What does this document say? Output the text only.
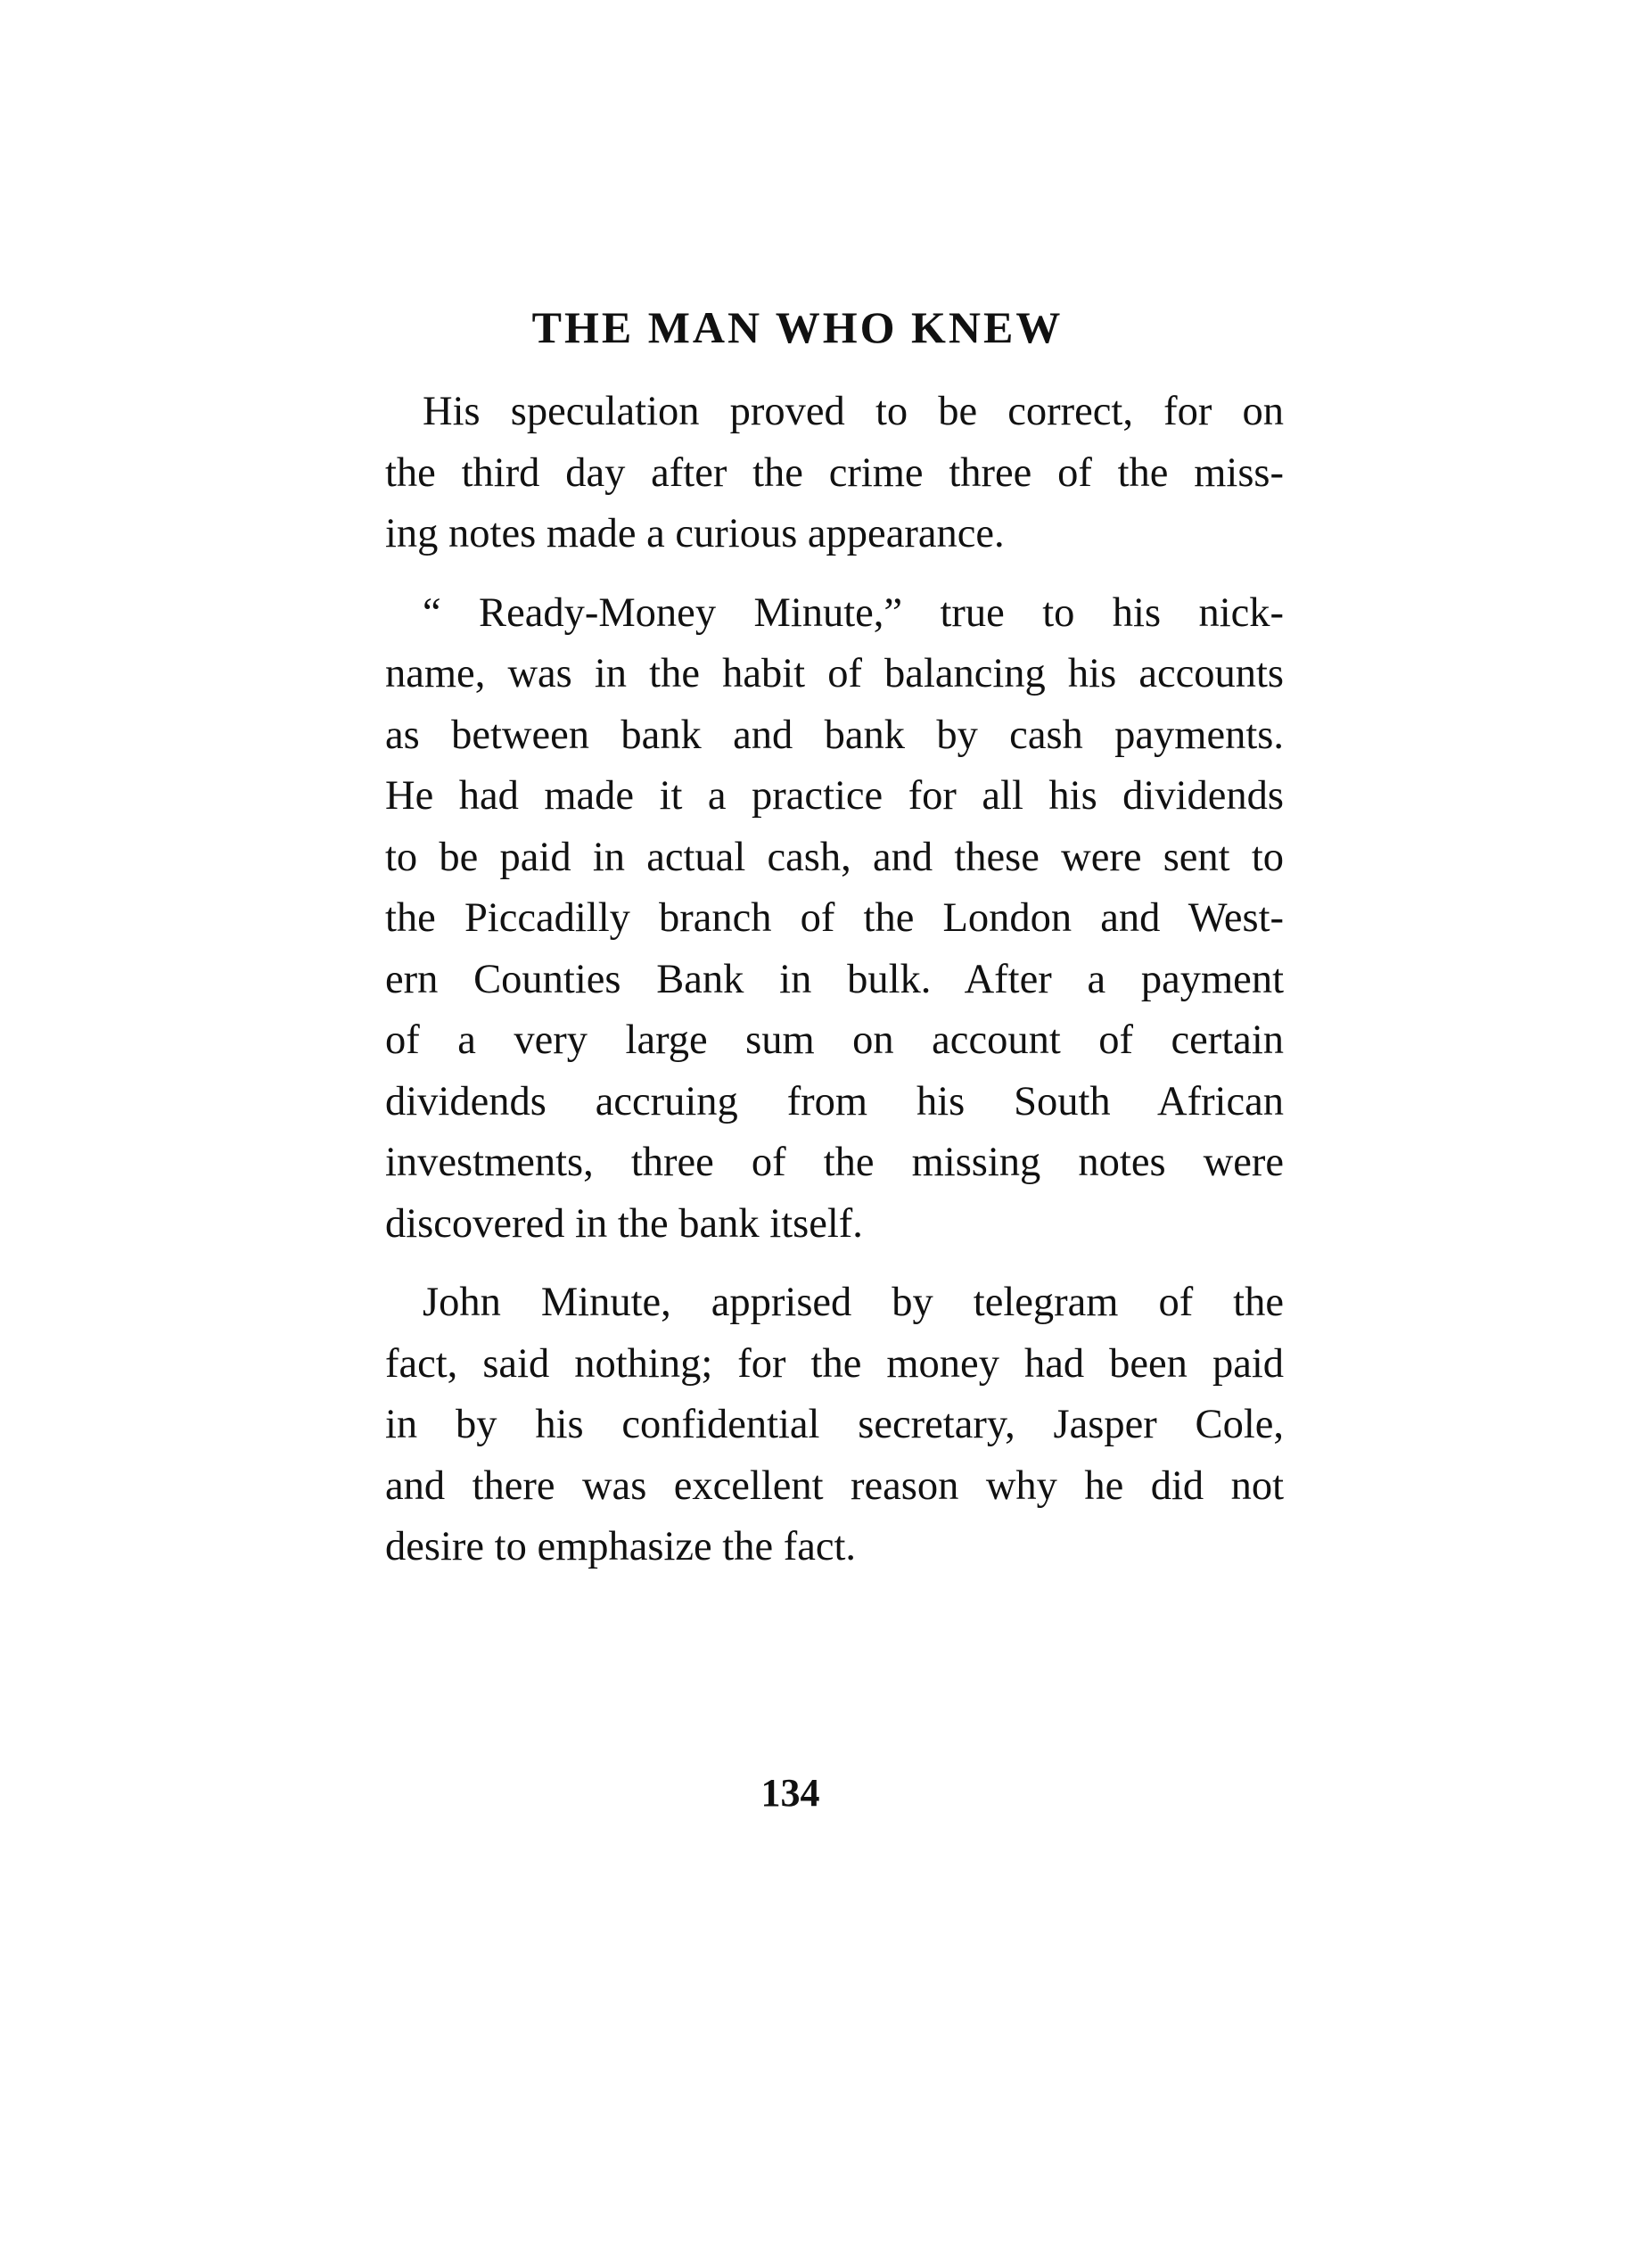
THE MAN WHO KNEW

His speculation proved to be correct, for on
the third day after the crime three of the miss-
ing notes made a curious appearance.

“ Ready-Money Minute,” true to his nick-
name, was in the habit of balancing his accounts
as between bank and bank by cash payments.
He had made it a practice for all his dividends
to be paid in actual cash, and these were sent to
the Piccadilly branch of the London and West-
ern Counties Bank in bulk. After a payment
of a very large sum on account of certain
dividends accruing from his South African
investments, three of the missing notes were
discovered in the bank itself.

John Minute, apprised by telegram of the
fact, said nothing; for the money had been paid
in by his confidential secretary, Jasper Cole,
and there was excellent reason why he did not
desire to emphasize the fact.

134
